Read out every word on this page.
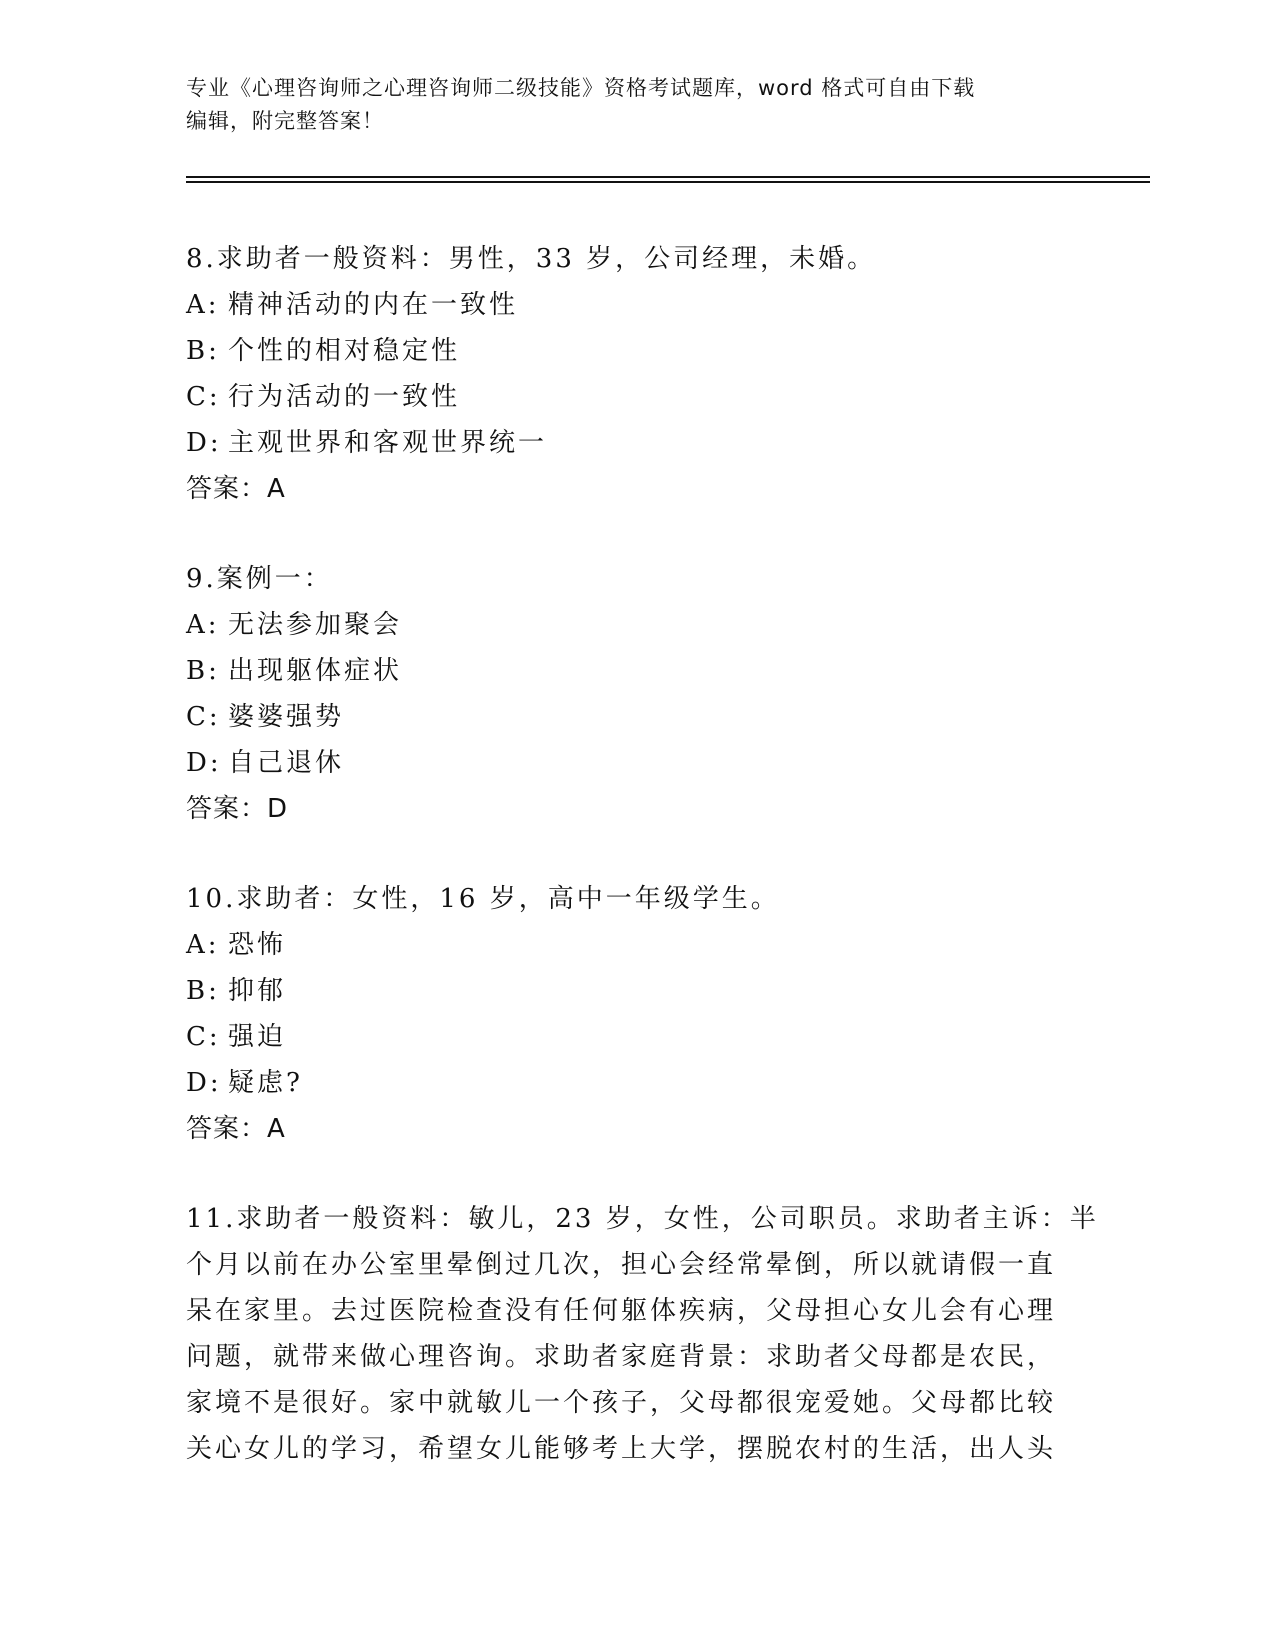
专业《心理咨询师之心理咨询师二级技能》资格考试题库，word 格式可自由下载
编辑，附完整答案！
8.求助者一般资料：男性，33 岁，公司经理，未婚。
A: 精神活动的内在一致性
B: 个性的相对稳定性
C: 行为活动的一致性
D: 主观世界和客观世界统一
答案：A
9.案例一：
A: 无法参加聚会
B: 出现躯体症状
C: 婆婆强势
D: 自己退休
答案：D
10.求助者：女性，16 岁，高中一年级学生。
A: 恐怖
B: 抑郁
C: 强迫
D: 疑虑?
答案：A
11.求助者一般资料：敏儿，23 岁，女性，公司职员。求助者主诉：半
个月以前在办公室里晕倒过几次，担心会经常晕倒，所以就请假一直
呆在家里。去过医院检查没有任何躯体疾病，父母担心女儿会有心理
问题，就带来做心理咨询。求助者家庭背景：求助者父母都是农民，
家境不是很好。家中就敏儿一个孩子，父母都很宠爱她。父母都比较
关心女儿的学习，希望女儿能够考上大学，摆脱农村的生活，出人头
